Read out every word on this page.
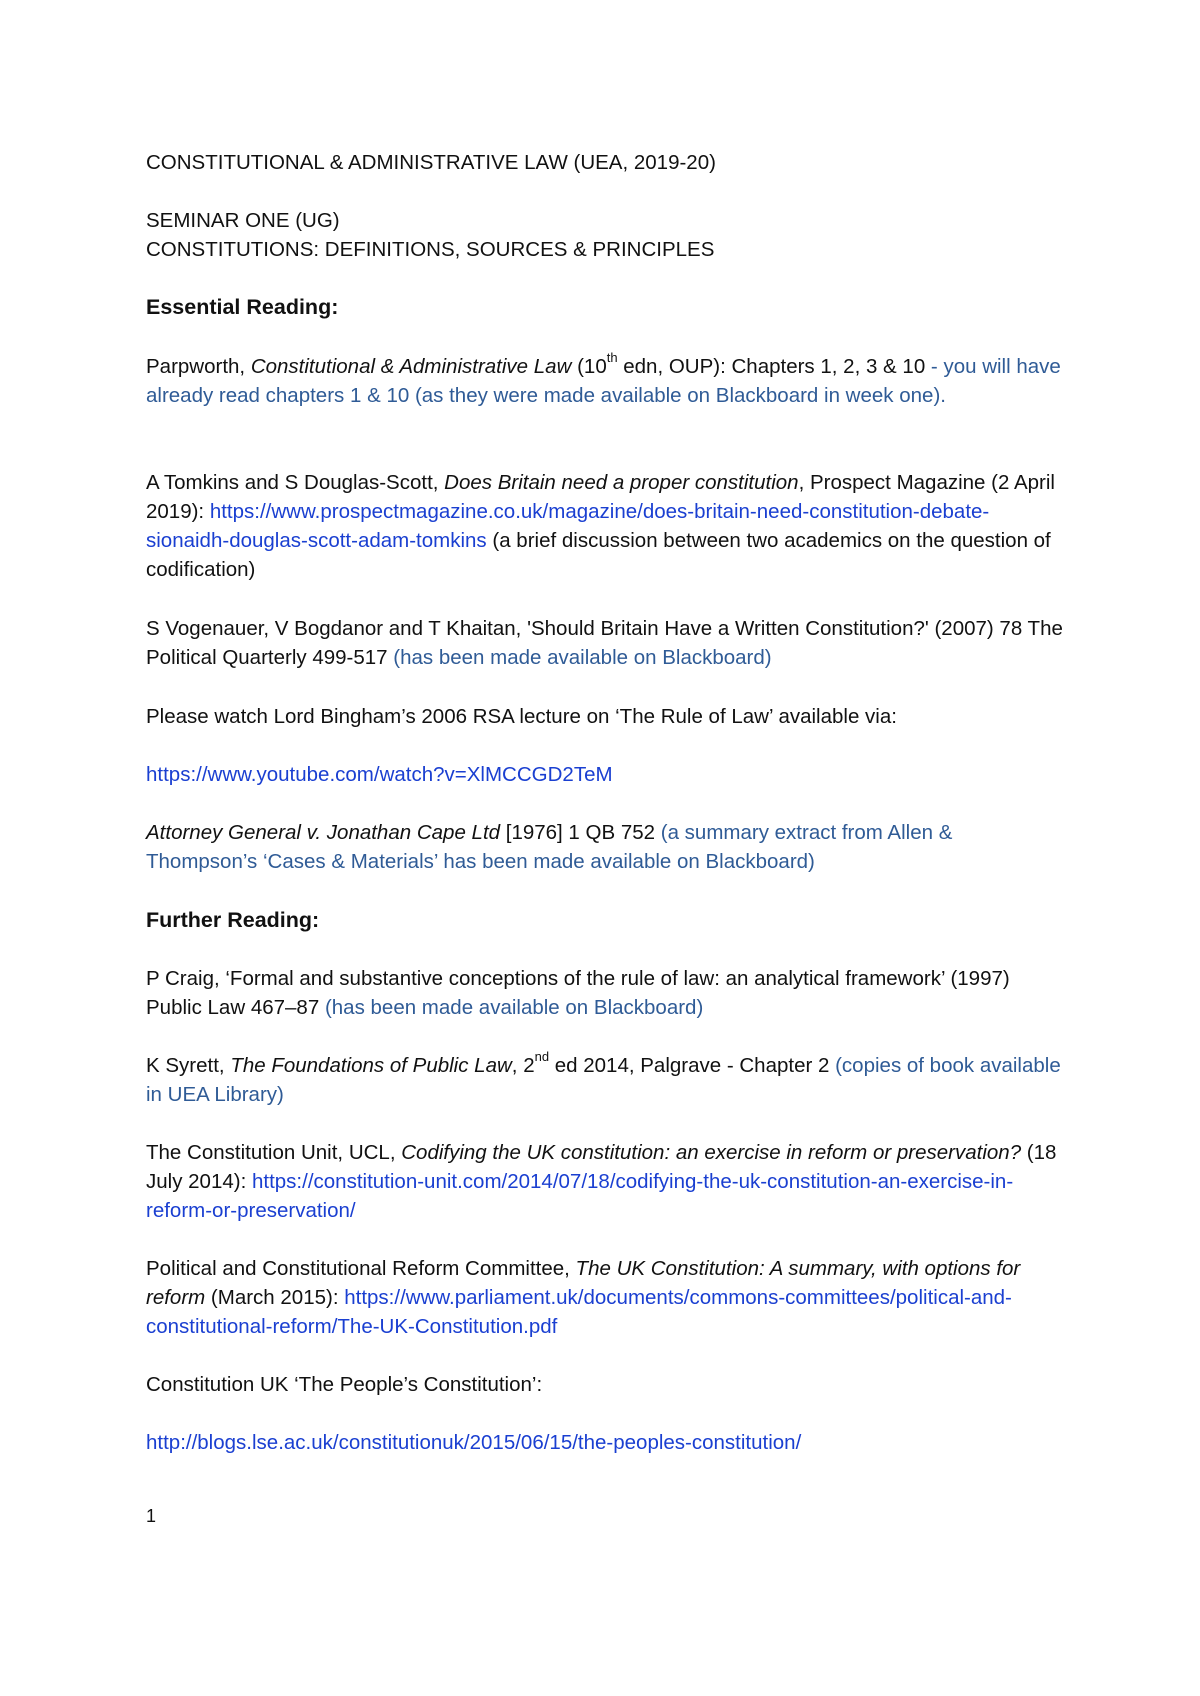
CONSTITUTIONAL & ADMINISTRATIVE LAW (UEA, 2019-20)

SEMINAR ONE (UG)

CONSTITUTIONS: DEFINITIONS, SOURCES & PRINCIPLES

Essential Reading:

Parpworth, Constitutional & Administrative Law (10th edn, OUP): Chapters 1, 2, 3 & 10 - you will have already read chapters 1 & 10 (as they were made available on Blackboard in week one).

A Tomkins and S Douglas-Scott, Does Britain need a proper constitution, Prospect Magazine (2 April 2019): https://www.prospectmagazine.co.uk/magazine/does-britain-need-constitution-debate-sionaidh-douglas-scott-adam-tomkins (a brief discussion between two academics on the question of codification)

S Vogenauer, V Bogdanor and T Khaitan, 'Should Britain Have a Written Constitution?' (2007) 78 The Political Quarterly 499-517 (has been made available on Blackboard)

Please watch Lord Bingham’s 2006 RSA lecture on ‘The Rule of Law’ available via:

https://www.youtube.com/watch?v=XlMCCGD2TeM

Attorney General v. Jonathan Cape Ltd [1976] 1 QB 752 (a summary extract from Allen & Thompson’s ‘Cases & Materials’ has been made available on Blackboard)

Further Reading:

P Craig, ‘Formal and substantive conceptions of the rule of law: an analytical framework’ (1997) Public Law 467–87 (has been made available on Blackboard)

K Syrett, The Foundations of Public Law, 2nd ed 2014, Palgrave - Chapter 2 (copies of book available in UEA Library)

The Constitution Unit, UCL, Codifying the UK constitution: an exercise in reform or preservation? (18 July 2014): https://constitution-unit.com/2014/07/18/codifying-the-uk-constitution-an-exercise-in-reform-or-preservation/

Political and Constitutional Reform Committee, The UK Constitution: A summary, with options for reform (March 2015): https://www.parliament.uk/documents/commons-committees/political-and-constitutional-reform/The-UK-Constitution.pdf

Constitution UK ‘The People’s Constitution’:

http://blogs.lse.ac.uk/constitutionuk/2015/06/15/the-peoples-constitution/

1
